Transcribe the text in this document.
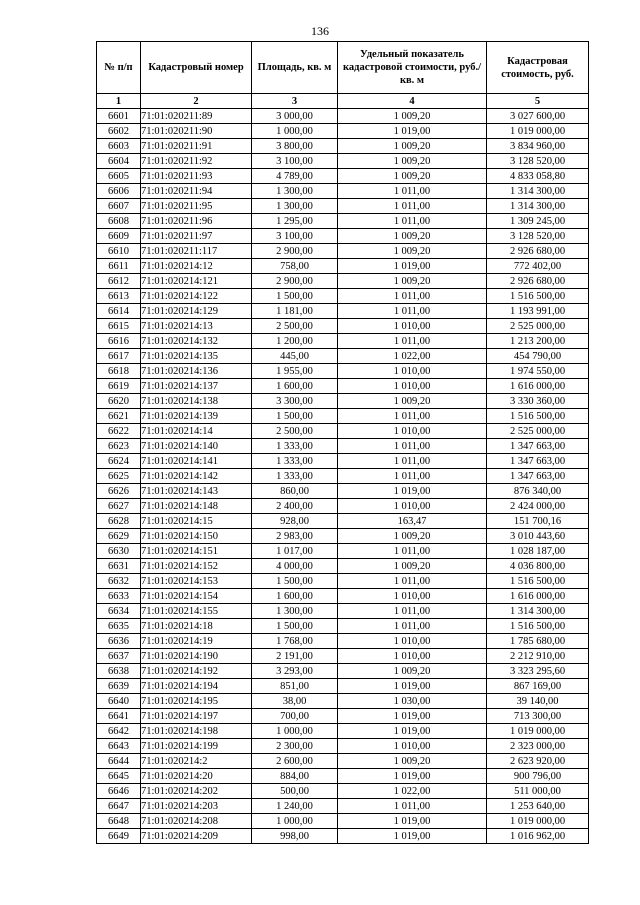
136
№ п/п	Кадастровый номер	Площадь, кв. м	Удельный показатель кадастровой стоимости, руб./кв. м	Кадастровая стоимость, руб.
1	2	3	4	5
6601	71:01:020211:89	3 000,00	1 009,20	3 027 600,00
6602	71:01:020211:90	1 000,00	1 019,00	1 019 000,00
6603	71:01:020211:91	3 800,00	1 009,20	3 834 960,00
6604	71:01:020211:92	3 100,00	1 009,20	3 128 520,00
6605	71:01:020211:93	4 789,00	1 009,20	4 833 058,80
6606	71:01:020211:94	1 300,00	1 011,00	1 314 300,00
6607	71:01:020211:95	1 300,00	1 011,00	1 314 300,00
6608	71:01:020211:96	1 295,00	1 011,00	1 309 245,00
6609	71:01:020211:97	3 100,00	1 009,20	3 128 520,00
6610	71:01:020211:117	2 900,00	1 009,20	2 926 680,00
6611	71:01:020214:12	758,00	1 019,00	772 402,00
6612	71:01:020214:121	2 900,00	1 009,20	2 926 680,00
6613	71:01:020214:122	1 500,00	1 011,00	1 516 500,00
6614	71:01:020214:129	1 181,00	1 011,00	1 193 991,00
6615	71:01:020214:13	2 500,00	1 010,00	2 525 000,00
6616	71:01:020214:132	1 200,00	1 011,00	1 213 200,00
6617	71:01:020214:135	445,00	1 022,00	454 790,00
6618	71:01:020214:136	1 955,00	1 010,00	1 974 550,00
6619	71:01:020214:137	1 600,00	1 010,00	1 616 000,00
6620	71:01:020214:138	3 300,00	1 009,20	3 330 360,00
6621	71:01:020214:139	1 500,00	1 011,00	1 516 500,00
6622	71:01:020214:14	2 500,00	1 010,00	2 525 000,00
6623	71:01:020214:140	1 333,00	1 011,00	1 347 663,00
6624	71:01:020214:141	1 333,00	1 011,00	1 347 663,00
6625	71:01:020214:142	1 333,00	1 011,00	1 347 663,00
6626	71:01:020214:143	860,00	1 019,00	876 340,00
6627	71:01:020214:148	2 400,00	1 010,00	2 424 000,00
6628	71:01:020214:15	928,00	163,47	151 700,16
6629	71:01:020214:150	2 983,00	1 009,20	3 010 443,60
6630	71:01:020214:151	1 017,00	1 011,00	1 028 187,00
6631	71:01:020214:152	4 000,00	1 009,20	4 036 800,00
6632	71:01:020214:153	1 500,00	1 011,00	1 516 500,00
6633	71:01:020214:154	1 600,00	1 010,00	1 616 000,00
6634	71:01:020214:155	1 300,00	1 011,00	1 314 300,00
6635	71:01:020214:18	1 500,00	1 011,00	1 516 500,00
6636	71:01:020214:19	1 768,00	1 010,00	1 785 680,00
6637	71:01:020214:190	2 191,00	1 010,00	2 212 910,00
6638	71:01:020214:192	3 293,00	1 009,20	3 323 295,60
6639	71:01:020214:194	851,00	1 019,00	867 169,00
6640	71:01:020214:195	38,00	1 030,00	39 140,00
6641	71:01:020214:197	700,00	1 019,00	713 300,00
6642	71:01:020214:198	1 000,00	1 019,00	1 019 000,00
6643	71:01:020214:199	2 300,00	1 010,00	2 323 000,00
6644	71:01:020214:2	2 600,00	1 009,20	2 623 920,00
6645	71:01:020214:20	884,00	1 019,00	900 796,00
6646	71:01:020214:202	500,00	1 022,00	511 000,00
6647	71:01:020214:203	1 240,00	1 011,00	1 253 640,00
6648	71:01:020214:208	1 000,00	1 019,00	1 019 000,00
6649	71:01:020214:209	998,00	1 019,00	1 016 962,00
